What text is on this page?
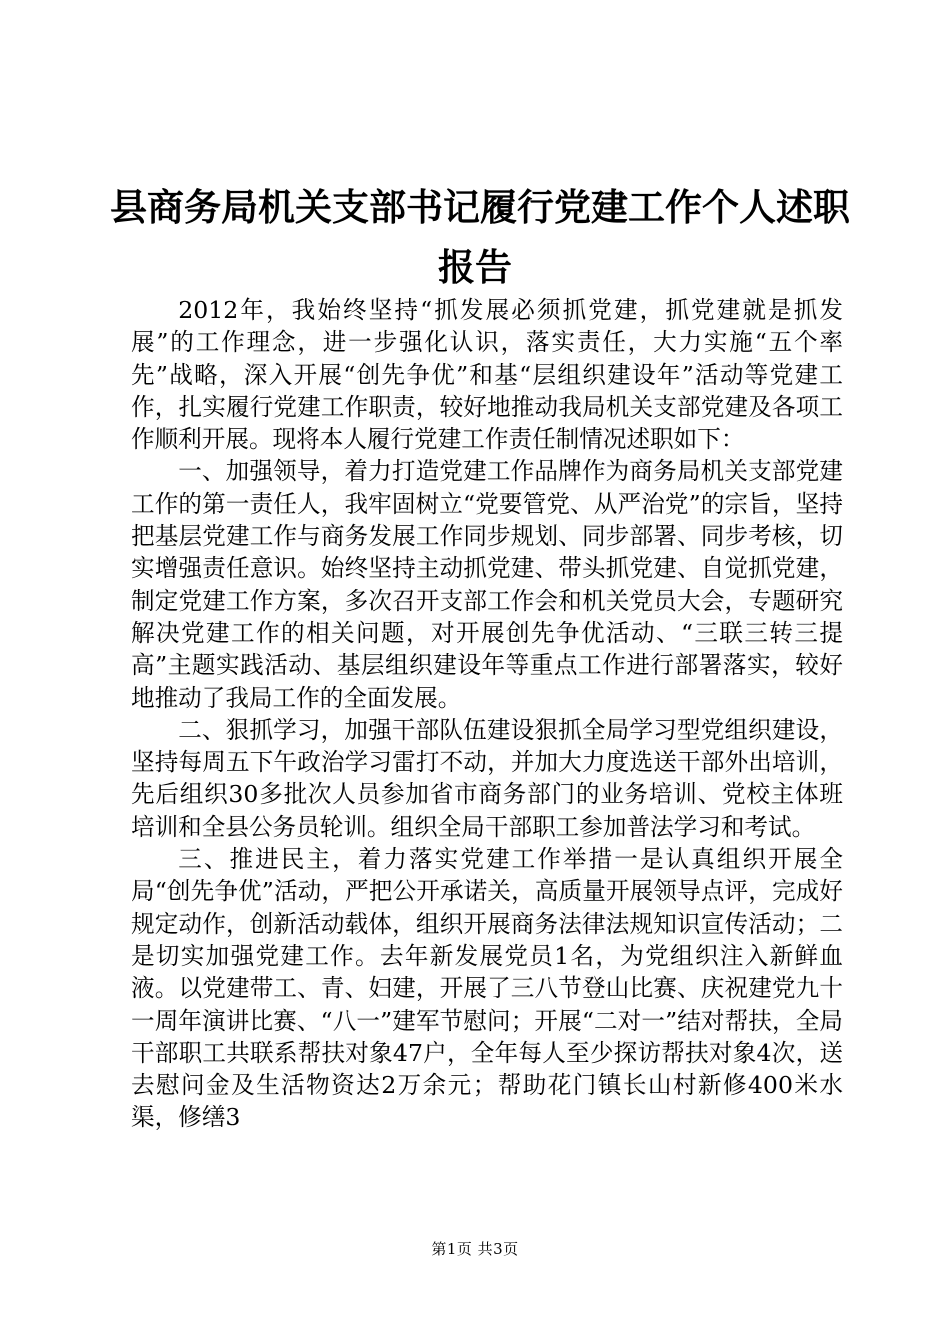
县商务局机关支部书记履行党建工作个人述职
报告

2012年，我始终坚持“抓发展必须抓党建，抓党建就是抓发展”的工作理念，进一步强化认识，落实责任，大力实施“五个率先”战略，深入开展“创先争优”和基“层组织建设年”活动等党建工作，扎实履行党建工作职责，较好地推动我局机关支部党建及各项工作顺利开展。现将本人履行党建工作责任制情况述职如下：

一、加强领导，着力打造党建工作品牌作为商务局机关支部党建工作的第一责任人，我牢固树立“党要管党、从严治党”的宗旨，坚持把基层党建工作与商务发展工作同步规划、同步部署、同步考核，切实增强责任意识。始终坚持主动抓党建、带头抓党建、自觉抓党建，制定党建工作方案，多次召开支部工作会和机关党员大会，专题研究解决党建工作的相关问题，对开展创先争优活动、“三联三转三提高”主题实践活动、基层组织建设年等重点工作进行部署落实，较好地推动了我局工作的全面发展。

二、狠抓学习，加强干部队伍建设狠抓全局学习型党组织建设，坚持每周五下午政治学习雷打不动，并加大力度选送干部外出培训，先后组织30多批次人员参加省市商务部门的业务培训、党校主体班培训和全县公务员轮训。组织全局干部职工参加普法学习和考试。

三、推进民主，着力落实党建工作举措一是认真组织开展全局“创先争优”活动，严把公开承诺关，高质量开展领导点评，完成好规定动作，创新活动载体，组织开展商务法律法规知识宣传活动；二是切实加强党建工作。去年新发展党员1名，为党组织注入新鲜血液。以党建带工、青、妇建，开展了三八节登山比赛、庆祝建党九十一周年演讲比赛、“八一”建军节慰问；开展“二对一”结对帮扶，全局干部职工共联系帮扶对象47户，全年每人至少探访帮扶对象4次，送去慰问金及生活物资达2万余元；帮助花门镇长山村新修400米水渠，修缮3

第1页 共3页
